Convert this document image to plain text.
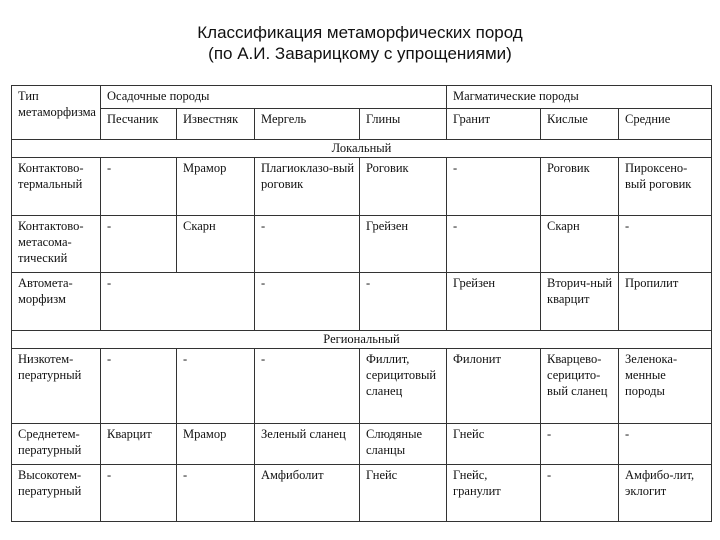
Классификация метаморфических пород
(по А.И. Заварицкому с упрощениями)
Тип метаморфизма	Осадочные породы				Магматические породы		
	Песчаник	Известняк	Мергель	Глины	Гранит	Кислые	Средние
Локальный							
Контактово-термальный	-	Мрамор	Плагиоклазо-вый роговик	Роговик	-	Роговик	Пироксено-вый роговик
Контактово-метасома-тический	-	Скарн	-	Грейзен	-	Скарн	-
Автомета-морфизм	-		-	-	Грейзен	Вторич-ный кварцит	Пропилит
Региональный							
Низкотем-пературный	-	-	-	Филлит, серицитовый сланец	Филонит	Кварцево-серицито-вый сланец	Зеленока-менные породы
Среднетем-пературный	Кварцит	Мрамор	Зеленый сланец	Слюдяные сланцы	Гнейс	-	-
Высокотем-пературный	-	-	Амфиболит	Гнейс	Гнейс, гранулит	-	Амфибо-лит, эклогит
